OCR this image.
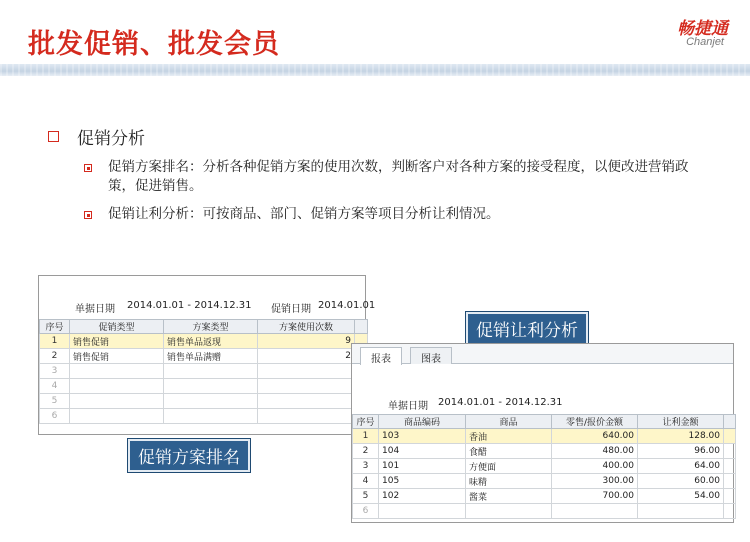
批发促销、批发会员	畅捷通
Chanjet
促销分析
促销方案排名：分析各种促销方案的使用次数，判断客户对各种方案的接受程度，以便改进营销政策，促进销售。
促销让利分析：可按商品、部门、促销方案等项目分析让利情况。
单据日期 2014.01.01 - 2014.12.31 促销日期 2014.01.01
序号	促销类型	方案类型	方案使用次数	
1	销售促销	销售单品返现	9	
2	销售促销	销售单品满赠	2	
3				
4				
5				
6				
促销方案排名
促销让利分析
报表	图表
单据日期 2014.01.01 - 2014.12.31
序号	商品编码	商品	零售/报价金额	让利金额	
1	103	香油	640.00	128.00	
2	104	食醋	480.00	96.00	
3	101	方便面	400.00	64.00	
4	105	味精	300.00	60.00	
5	102	酱菜	700.00	54.00	
6					
